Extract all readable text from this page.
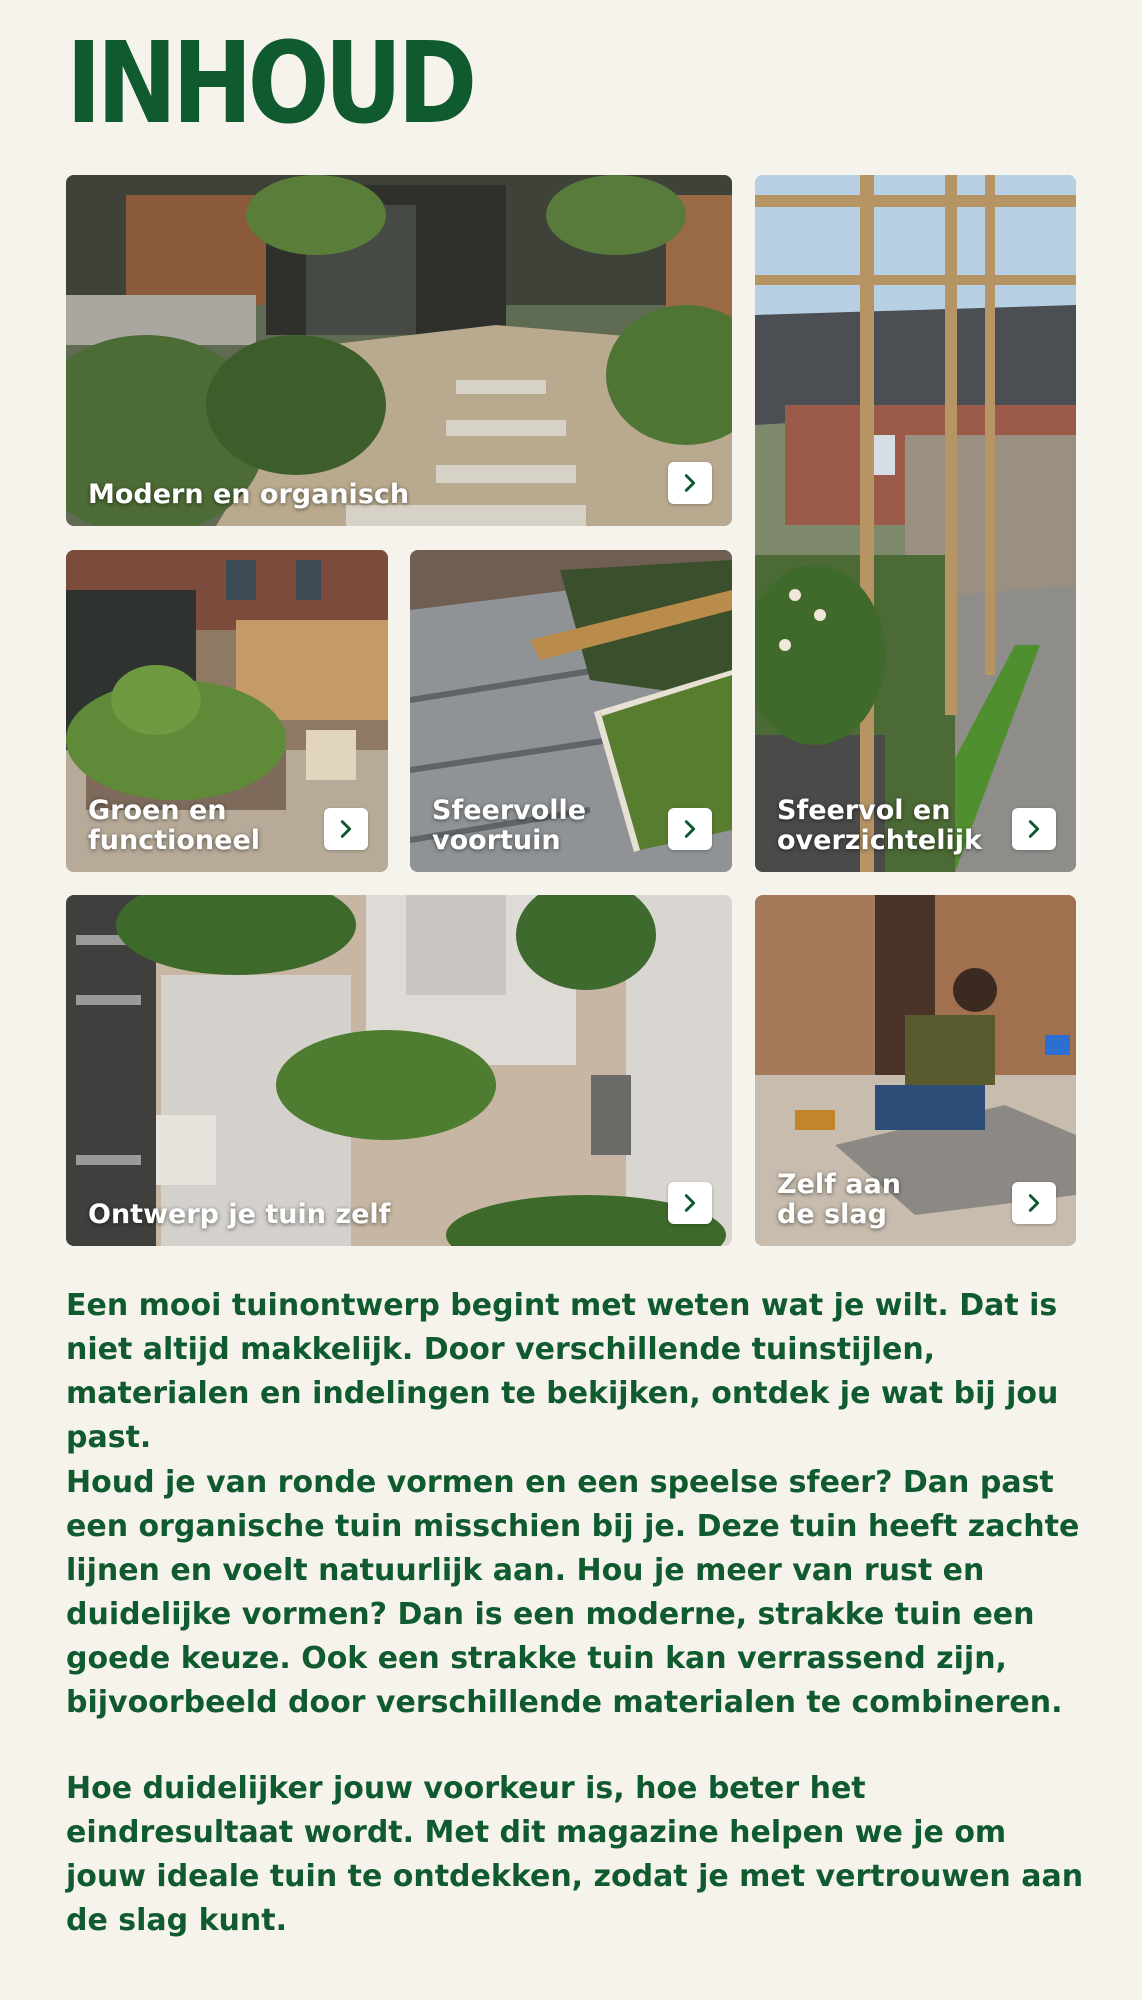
INHOUD
Modern en organisch
Sfeervol en
overzichtelijk
Groen en
functioneel
Sfeervolle
voortuin
Ontwerp je tuin zelf
Zelf aan
de slag

Een mooi tuinontwerp begint met weten wat je wilt. Dat is niet altijd makkelijk. Door verschillende tuinstijlen, materialen en indelingen te bekijken, ontdek je wat bij jou past.

Houd je van ronde vormen en een speelse sfeer? Dan past een organische tuin misschien bij je. Deze tuin heeft zachte lijnen en voelt natuurlijk aan. Hou je meer van rust en duidelijke vormen? Dan is een moderne, strakke tuin een goede keuze. Ook een strakke tuin kan verrassend zijn, bijvoorbeeld door verschillende materialen te combineren.

Hoe duidelijker jouw voorkeur is, hoe beter het eindresultaat wordt. Met dit magazine helpen we je om jouw ideale tuin te ontdekken, zodat je met vertrouwen aan de slag kunt.
